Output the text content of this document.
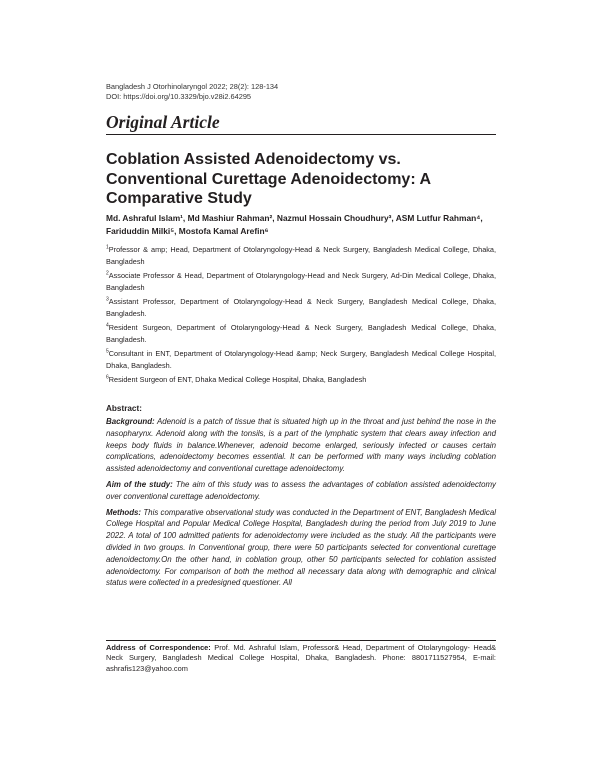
Bangladesh J Otorhinolaryngol 2022; 28(2): 128-134
DOI: https://doi.org/10.3329/bjo.v28i2.64295
Original Article
Coblation Assisted Adenoidectomy vs. Conventional Curettage Adenoidectomy: A Comparative Study

Md. Ashraful Islam¹, Md Mashiur Rahman², Nazmul Hossain Choudhury³, ASM Lutfur Rahman⁴, Fariduddin Milki⁵, Mostofa Kamal Arefin⁶

$^1$Professor & amp; Head, Department of Otolaryngology-Head & Neck Surgery, Bangladesh Medical College, Dhaka, Bangladesh
$^2$Associate Professor & Head, Department of Otolaryngology-Head and Neck Surgery, Ad-Din Medical College, Dhaka, Bangladesh
$^3$Assistant Professor, Department of Otolaryngology-Head & Neck Surgery, Bangladesh Medical College, Dhaka, Bangladesh.
$^4$Resident Surgeon, Department of Otolaryngology-Head & Neck Surgery, Bangladesh Medical College, Dhaka, Bangladesh.
$^5$Consultant in ENT, Department of Otolaryngology-Head &amp; Neck Surgery, Bangladesh Medical College Hospital, Dhaka, Bangladesh.
$^6$Resident Surgeon of ENT, Dhaka Medical College Hospital, Dhaka, Bangladesh
Abstract:

Background: Adenoid is a patch of tissue that is situated high up in the throat and just behind the nose in the nasopharynx. Adenoid along with the tonsils, is a part of the lymphatic system that clears away infection and keeps body fluids in balance.Whenever, adenoid become enlarged, seriously infected or causes certain complications, adenoidectomy becomes essential. It can be performed with many ways including coblation assisted adenoidectomy and conventional curettage adenoidectomy.

Aim of the study: The aim of this study was to assess the advantages of coblation assisted adenoidectomy over conventional curettage adenoidectomy.

Methods: This comparative observational study was conducted in the Department of ENT, Bangladesh Medical College Hospital and Popular Medical College Hospital, Bangladesh during the period from July 2019 to June 2022. A total of 100 admitted patients for adenoidectomy were included as the study. All the participants were divided in two groups. In Conventional group, there were 50 participants selected for conventional curettage adenoidectomy.On the other hand, in coblation group, other 50 participants selected for coblation assisted adenoidectomy. For comparison of both the method all necessary data along with demographic and clinical status were collected in a predesigned questioner. All

Address of Correspondence: Prof. Md. Ashraful Islam, Professor& Head, Department of Otolaryngology- Head& Neck Surgery, Bangladesh Medical College Hospital, Dhaka, Bangladesh. Phone: 8801711527954, E-mail: ashrafis123@yahoo.com
